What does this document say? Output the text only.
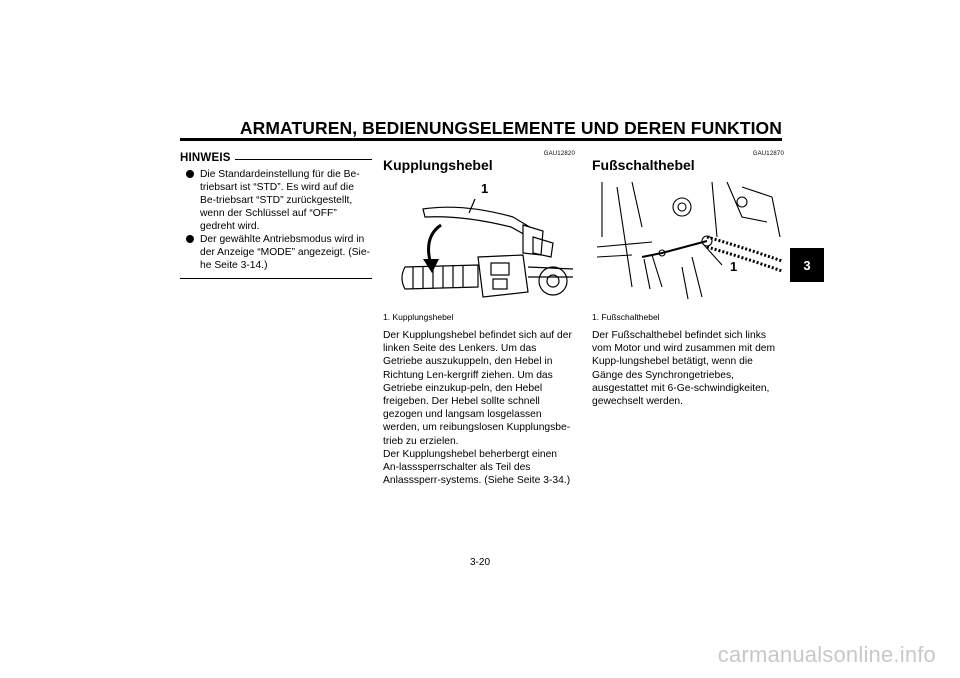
ARMATUREN, BEDIENUNGSELEMENTE UND DEREN FUNKTION
3
HINWEIS
Die Standardeinstellung für die Be-triebsart ist “STD”. Es wird auf die Be-triebsart “STD” zurückgestellt, wenn der Schlüssel auf “OFF” gedreht wird.
Der gewählte Antriebsmodus wird in der Anzeige “MODE” angezeigt. (Sie-he Seite 3-14.)
GAU12820
Kupplungshebel
1
1. Kupplungshebel

Der Kupplungshebel befindet sich auf der linken Seite des Lenkers. Um das Getriebe auszukuppeln, den Hebel in Richtung Len-kergriff ziehen. Um das Getriebe einzukup-peln, den Hebel freigeben. Der Hebel sollte schnell gezogen und langsam losgelassen werden, um reibungslosen Kupplungsbe-trieb zu erzielen.

Der Kupplungshebel beherbergt einen An-lasssperrschalter als Teil des Anlasssperr-systems. (Siehe Seite 3-34.)

GAU12870
Fußschalthebel
1
1. Fußschalthebel

Der Fußschalthebel befindet sich links vom Motor und wird zusammen mit dem Kupp-lungshebel betätigt, wenn die Gänge des Synchrongetriebes, ausgestattet mit 6-Ge-schwindigkeiten, gewechselt werden.

3-20
carmanualsonline.info
